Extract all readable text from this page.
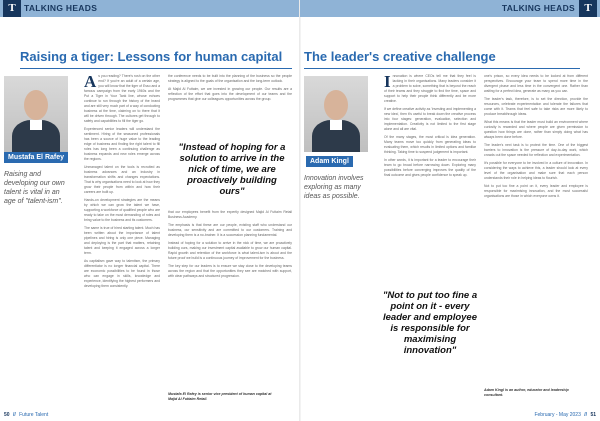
T TALKING HEADS
Raising a tiger: Lessons for human capital
Mustafa El Rafey

Raising and developing our own talent is vital in an age of "talent-ism".

A s you reading? There's rosh on the other end? If you're an adult of a certain age, you will know that the tiger of Esso and a famous campaign from the early 1960s and the Put a Tiger in Your Tank line, whose echoes continue to run through the history of the brand and are still very much part of a way of conducting business at the time, claiming on to there that it will be driven through. The cultures get through to safety and capabilities to fill the tiger go.

Experienced senior leaders will understand the sentiment. Hiring of the seasoned professionals has been a source of huge value to the leading edge of business and finding the right talent to fill roles has long been a continuing challenge as business expands and new roles emerge across the regions.

Unmanaged talent on the tools is recruited as business advances and an industry in transformation shifts and changes expectations. That is why organisations need to look at how they grow their people from within and how their careers are built up.

Hands-on development strategies are the means by which we can grow the talent we have, supporting a workforce of qualified people who are ready to take on the most demanding of roles and bring value to the business and its customers.

The same is true of hired starting talent. Much has been written about the importance of talent pipelines and hiring is only one piece. Managing and deploying is the part that matters, retaining talent and keeping it engaged across a longer term.

As capitalism gave way to talentism, the primary differentiator is no longer financial capital. There are economic possibilities to be found in those who can engage in skills, knowledge and experience, identifying the highest performers and developing them consistently.

the conference needs to be built into the planning of the business so the people strategy is aligned to the goals of the organisation and the long-term outlook.

At Majid Al Futtaim, we are invested in growing our people. Our results are a reflection of the effort that goes into the development of our teams and the programmes that give our colleagues opportunities across the group.

"Instead of hoping for a solution to arrive in the nick of time, we are proactively building ours"

that our employees benefit from the expertly designed Majid Al Futtaim Retail Business Academy.

The emphasis is that these are our people, existing staff who understand our business, our sensitivity and are committed to our customers. Training and developing them is a no-brainer. It is a succession planning fundamental.

Instead of hoping for a solution to arrive in the nick of time, we are proactively building ours, making our investment capital available to grow our human capital. Rapid growth and retention of the workforce is what talent-ism is about and the future proof we build is a continuous journey of improvement for the business.

The key step for our leaders is to ensure we stay close to the developing teams across the region and that the opportunities they see are matched with support, with clear pathways and structured progression.

Mustafa El Rafey is senior vice president of human capital at Majid Al Futtaim Retail.

50 // Future Talent
TALKING HEADS T
The leader's creative challenge
Adam Kingl

Innovation involves exploring as many ideas as possible.

I nnovation is where CEOs tell me that they feel is lacking in their organisations. Many leaders consider it a problem to solve, something that is beyond the reach of their teams and they struggle to find the time, space and support to help their people think differently and be more creative.

If we define creative activity as 'investing and implementing a new idea', then it's useful to break down the creative process into four stages: generation, evaluation, selection and implementation. Creativity is not limited to the first stage alone and all are vital.

Of the many stages, the most critical is idea generation. Many teams move too quickly from generating ideas to evaluating them, which results in limited options and familiar thinking. Taking time to suspend judgement is important.

In other words, it is important for a leader to encourage their team to go broad before narrowing down. Exploring many possibilities before converging improves the quality of the final outcome and gives people confidence to speak up.

"Not to put too fine a point on it - every leader and employee is responsible for maximising innovation"

one's prison, so every idea needs to be looked at from different perspectives. Encourage your team to spend more time in the divergent phase and less time in the convergent one. Rather than waiting for a perfect idea, generate as many as you can.

The leader's task, therefore, is to set the direction, provide the resources, celebrate experimentation and tolerate the failures that come with it. Teams that feel safe to take risks are more likely to produce breakthrough ideas.

What this means is that the leader must build an environment where curiosity is rewarded and where people are given permission to question how things are done, rather than simply doing what has always been done before.

The leader's next task is to protect the time. One of the biggest barriers to innovation is the pressure of day-to-day work, which crowds out the space needed for reflection and experimentation.

It's possible for everyone to be involved in a culture of innovation. In considering the ways to achieve this, a leader should look at every level of the organisation and make sure that each person understands their role in helping ideas to flourish.

Not to put too fine a point on it, every leader and employee is responsible for maximising innovation, and the most successful organisations are those in which everyone owns it.

Adam Kingl is an author, educator and leadership consultant.

February - May 2023 // 51
